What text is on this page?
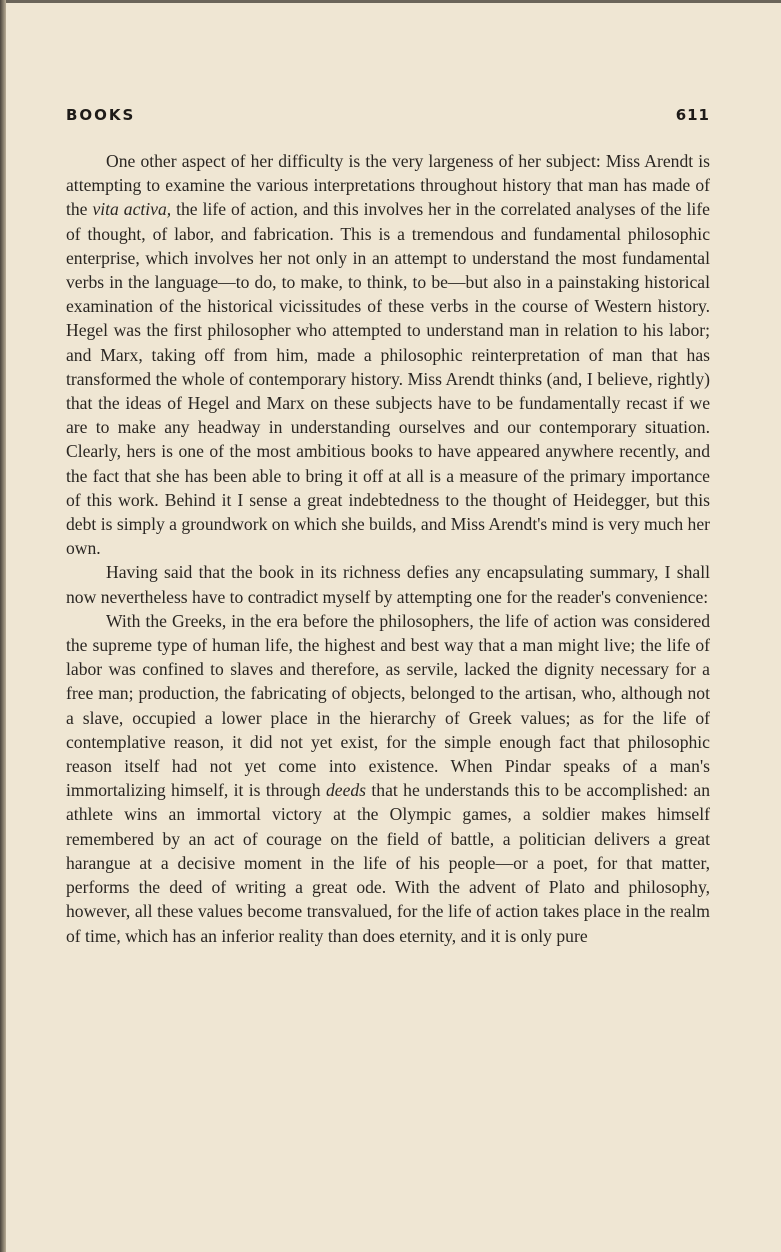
BOOKS	611

One other aspect of her difficulty is the very largeness of her subject: Miss Arendt is attempting to examine the various interpretations throughout history that man has made of the vita activa, the life of action, and this involves her in the correlated analyses of the life of thought, of labor, and fabrication. This is a tremendous and fundamental philosophic enterprise, which involves her not only in an attempt to understand the most fundamental verbs in the language—to do, to make, to think, to be—but also in a painstaking historical examination of the historical vicissitudes of these verbs in the course of Western history. Hegel was the first philosopher who attempted to understand man in relation to his labor; and Marx, taking off from him, made a philosophic reinterpretation of man that has transformed the whole of contemporary history. Miss Arendt thinks (and, I believe, rightly) that the ideas of Hegel and Marx on these subjects have to be fundamentally recast if we are to make any headway in understanding ourselves and our contemporary situation. Clearly, hers is one of the most ambitious books to have appeared anywhere recently, and the fact that she has been able to bring it off at all is a measure of the primary importance of this work. Behind it I sense a great indebtedness to the thought of Heidegger, but this debt is simply a groundwork on which she builds, and Miss Arendt's mind is very much her own.

Having said that the book in its richness defies any encapsulating summary, I shall now nevertheless have to contradict myself by attempting one for the reader's convenience:

With the Greeks, in the era before the philosophers, the life of action was considered the supreme type of human life, the highest and best way that a man might live; the life of labor was confined to slaves and therefore, as servile, lacked the dignity necessary for a free man; production, the fabricating of objects, belonged to the artisan, who, although not a slave, occupied a lower place in the hierarchy of Greek values; as for the life of contemplative reason, it did not yet exist, for the simple enough fact that philosophic reason itself had not yet come into existence. When Pindar speaks of a man's immortalizing himself, it is through deeds that he understands this to be accomplished: an athlete wins an immortal victory at the Olympic games, a soldier makes himself remembered by an act of courage on the field of battle, a politician delivers a great harangue at a decisive moment in the life of his people—or a poet, for that matter, performs the deed of writing a great ode. With the advent of Plato and philosophy, however, all these values become transvalued, for the life of action takes place in the realm of time, which has an inferior reality than does eternity, and it is only pure
